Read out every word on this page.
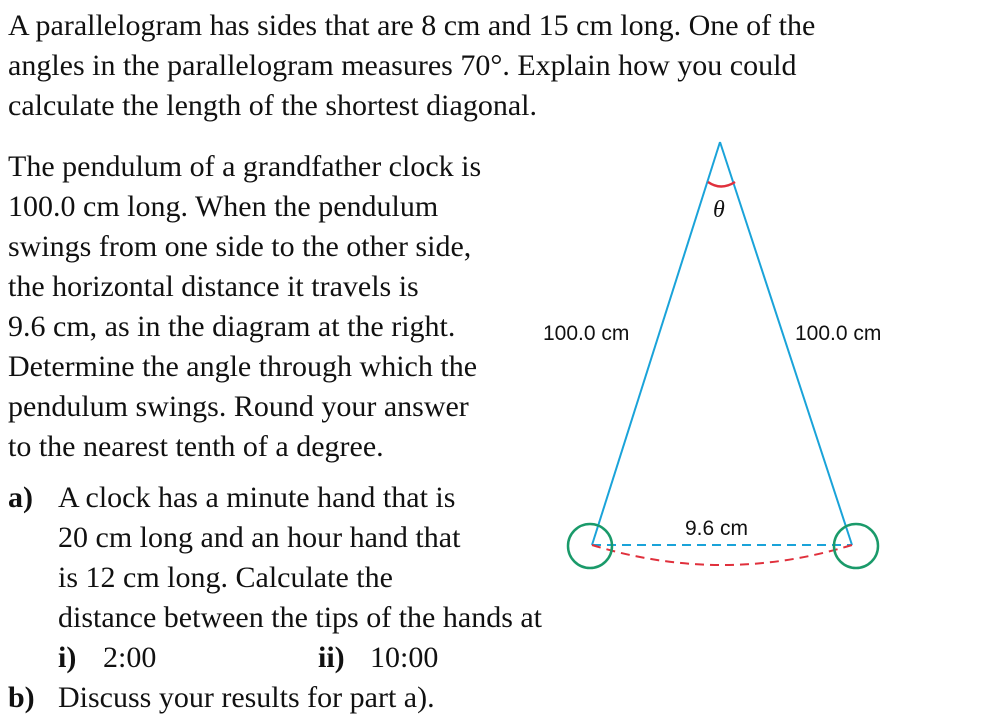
A parallelogram has sides that are 8 cm and 15 cm long. One of the
angles in the parallelogram measures 70°. Explain how you could
calculate the length of the shortest diagonal.
The pendulum of a grandfather clock is
100.0 cm long. When the pendulum
swings from one side to the other side,
the horizontal distance it travels is
9.6 cm, as in the diagram at the right.
Determine the angle through which the
pendulum swings. Round your answer
to the nearest tenth of a degree.
a) A clock has a minute hand that is
20 cm long and an hour hand that
is 12 cm long. Calculate the
distance between the tips of the hands at
i) 2:00	ii) 10:00
b) Discuss your results for part a).
θ
100.0 cm	100.0 cm
9.6 cm
